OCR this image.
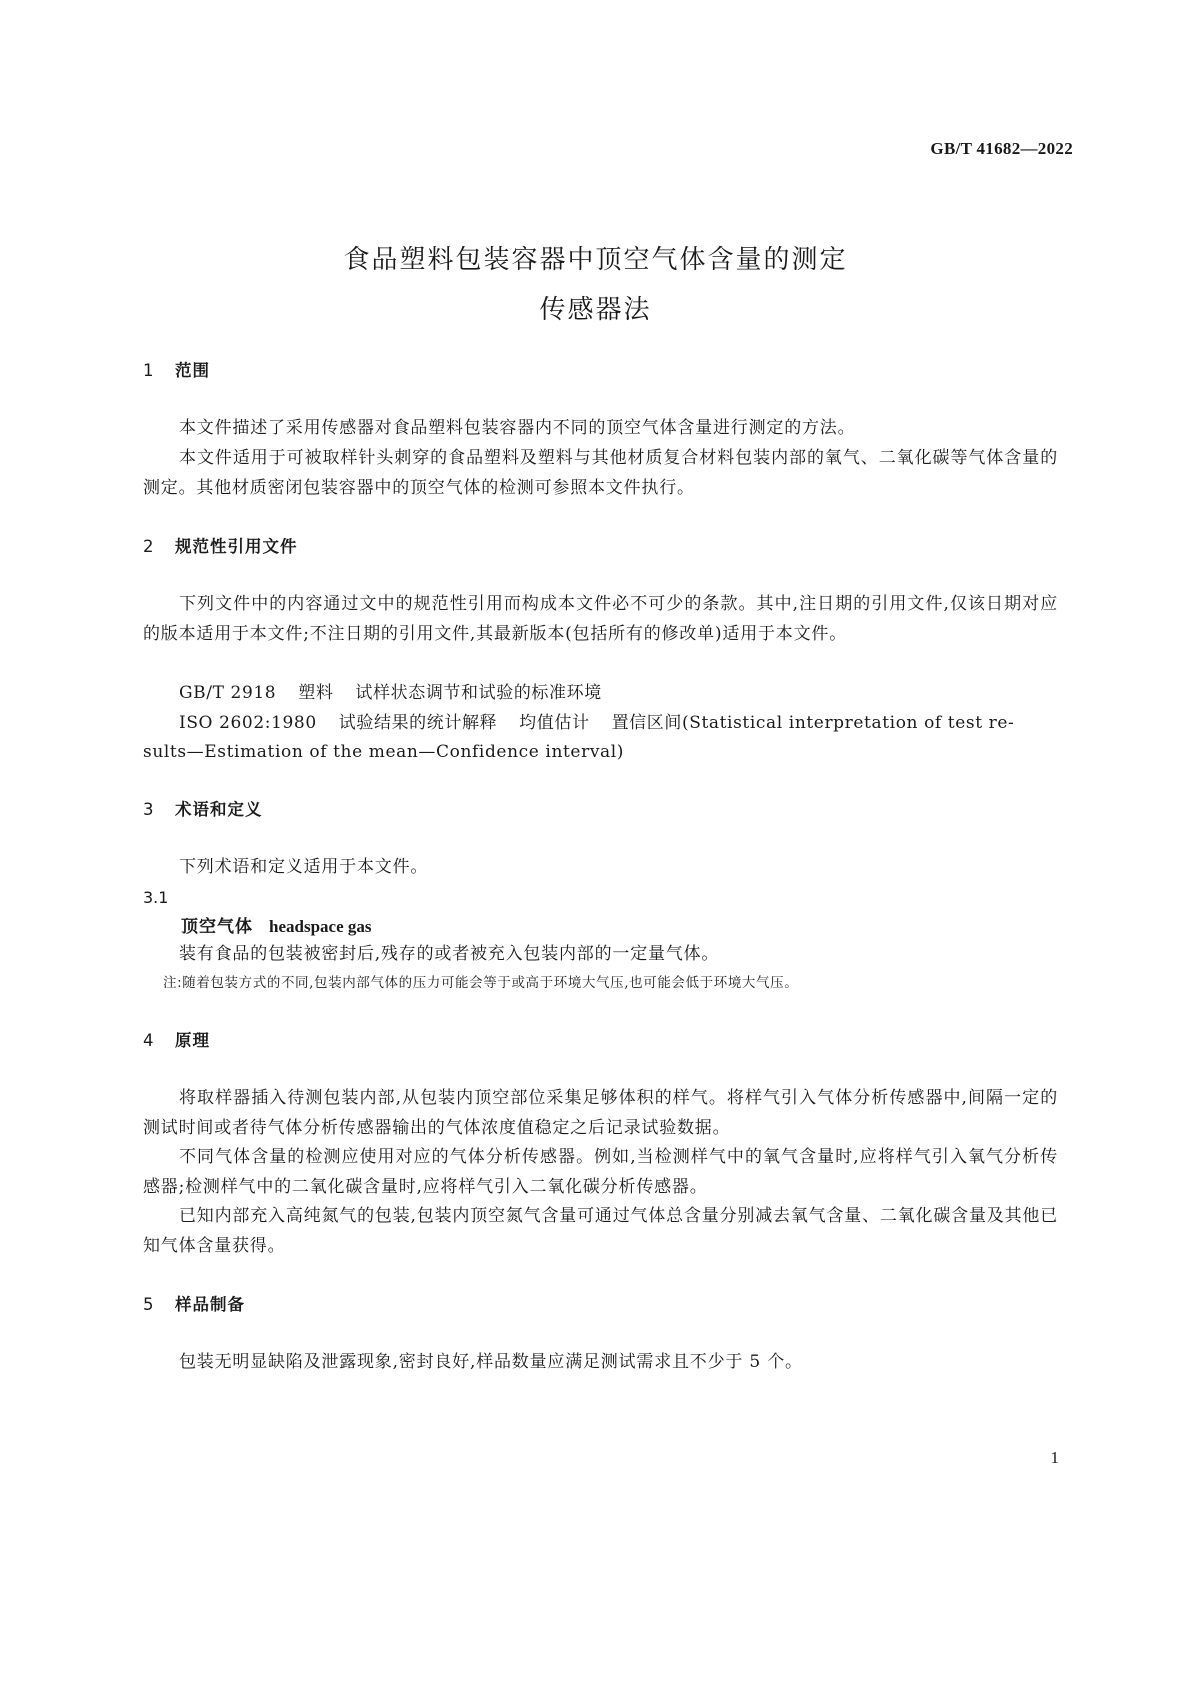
GB/T 41682—2022
食品塑料包装容器中顶空气体含量的测定
传感器法
1	范围
本文件描述了采用传感器对食品塑料包装容器内不同的顶空气体含量进行测定的方法。
本文件适用于可被取样针头刺穿的食品塑料及塑料与其他材质复合材料包装内部的氧气、二氧化碳等气体含量的测定。其他材质密闭包装容器中的顶空气体的检测可参照本文件执行。
2	规范性引用文件
下列文件中的内容通过文中的规范性引用而构成本文件必不可少的条款。其中,注日期的引用文件,仅该日期对应的版本适用于本文件;不注日期的引用文件,其最新版本(包括所有的修改单)适用于本文件。
GB/T 2918 塑料 试样状态调节和试验的标准环境
ISO 2602:1980 试验结果的统计解释 均值估计 置信区间(Statistical interpretation of test re-
sults—Estimation of the mean—Confidence interval)
3	术语和定义
下列术语和定义适用于本文件。
3.1
顶空气体 headspace gas
装有食品的包装被密封后,残存的或者被充入包装内部的一定量气体。
注:随着包装方式的不同,包装内部气体的压力可能会等于或高于环境大气压,也可能会低于环境大气压。
4	原理
将取样器插入待测包装内部,从包装内顶空部位采集足够体积的样气。将样气引入气体分析传感器中,间隔一定的测试时间或者待气体分析传感器输出的气体浓度值稳定之后记录试验数据。
不同气体含量的检测应使用对应的气体分析传感器。例如,当检测样气中的氧气含量时,应将样气引入氧气分析传感器;检测样气中的二氧化碳含量时,应将样气引入二氧化碳分析传感器。
已知内部充入高纯氮气的包装,包装内顶空氮气含量可通过气体总含量分别减去氧气含量、二氧化碳含量及其他已知气体含量获得。
5	样品制备
包装无明显缺陷及泄露现象,密封良好,样品数量应满足测试需求且不少于 5 个。
1
